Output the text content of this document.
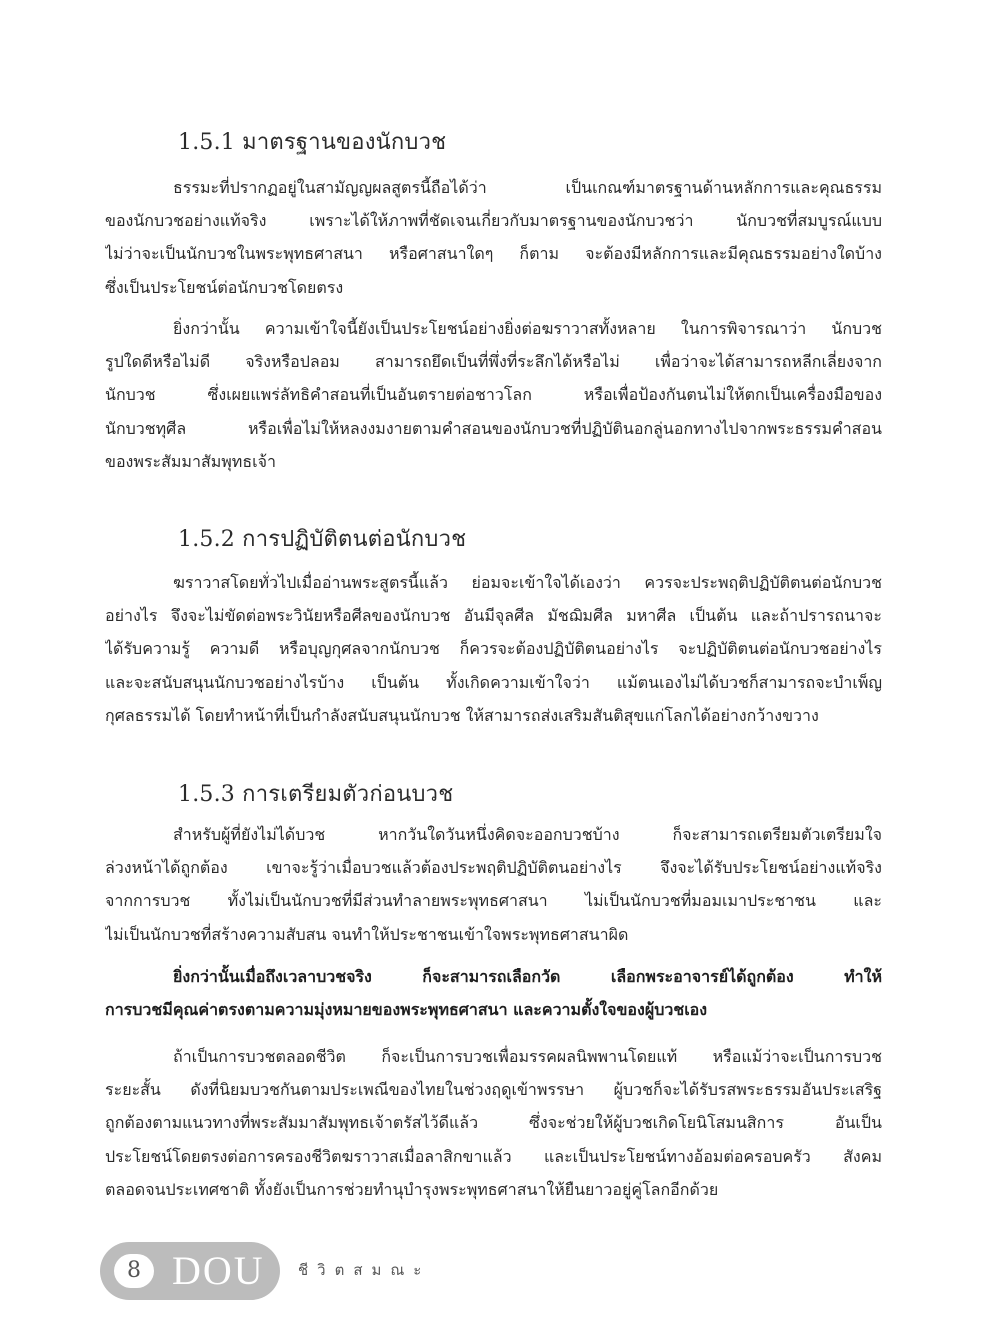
1.5.1 มาตรฐานของนักบวช
ธรรมะที่ปรากฏอยู่ในสามัญญผลสูตรนี้ถือได้ว่า เป็นเกณฑ์มาตรฐานด้านหลักการและคุณธรรม
ของนักบวชอย่างแท้จริง เพราะได้ให้ภาพที่ชัดเจนเกี่ยวกับมาตรฐานของนักบวชว่า นักบวชที่สมบูรณ์แบบ
ไม่ว่าจะเป็นนักบวชในพระพุทธศาสนา หรือศาสนาใดๆ ก็ตาม จะต้องมีหลักการและมีคุณธรรมอย่างใดบ้าง
ซึ่งเป็นประโยชน์ต่อนักบวชโดยตรง
ยิ่งกว่านั้น ความเข้าใจนี้ยังเป็นประโยชน์อย่างยิ่งต่อฆราวาสทั้งหลาย ในการพิจารณาว่า นักบวช
รูปใดดีหรือไม่ดี จริงหรือปลอม สามารถยึดเป็นที่พึ่งที่ระลึกได้หรือไม่ เพื่อว่าจะได้สามารถหลีกเลี่ยงจาก
นักบวช ซึ่งเผยแพร่ลัทธิคำสอนที่เป็นอันตรายต่อชาวโลก หรือเพื่อป้องกันตนไม่ให้ตกเป็นเครื่องมือของ
นักบวชทุศีล หรือเพื่อไม่ให้หลงงมงายตามคำสอนของนักบวชที่ปฏิบัตินอกลู่นอกทางไปจากพระธรรมคำสอน
ของพระสัมมาสัมพุทธเจ้า
1.5.2 การปฏิบัติตนต่อนักบวช
ฆราวาสโดยทั่วไปเมื่ออ่านพระสูตรนี้แล้ว ย่อมจะเข้าใจได้เองว่า ควรจะประพฤติปฏิบัติตนต่อนักบวช
อย่างไร จึงจะไม่ขัดต่อพระวินัยหรือศีลของนักบวช อันมีจุลศีล มัชฌิมศีล มหาศีล เป็นต้น และถ้าปรารถนาจะ
ได้รับความรู้ ความดี หรือบุญกุศลจากนักบวช ก็ควรจะต้องปฏิบัติตนอย่างไร จะปฏิบัติตนต่อนักบวชอย่างไร
และจะสนับสนุนนักบวชอย่างไรบ้าง เป็นต้น ทั้งเกิดความเข้าใจว่า แม้ตนเองไม่ได้บวชก็สามารถจะบำเพ็ญ
กุศลธรรมได้ โดยทำหน้าที่เป็นกำลังสนับสนุนนักบวช ให้สามารถส่งเสริมสันติสุขแก่โลกได้อย่างกว้างขวาง
1.5.3 การเตรียมตัวก่อนบวช
สำหรับผู้ที่ยังไม่ได้บวช หากวันใดวันหนึ่งคิดจะออกบวชบ้าง ก็จะสามารถเตรียมตัวเตรียมใจ
ล่วงหน้าได้ถูกต้อง เขาจะรู้ว่าเมื่อบวชแล้วต้องประพฤติปฏิบัติตนอย่างไร จึงจะได้รับประโยชน์อย่างแท้จริง
จากการบวช ทั้งไม่เป็นนักบวชที่มีส่วนทำลายพระพุทธศาสนา ไม่เป็นนักบวชที่มอมเมาประชาชน และ
ไม่เป็นนักบวชที่สร้างความสับสน จนทำให้ประชาชนเข้าใจพระพุทธศาสนาผิด
ยิ่งกว่านั้นเมื่อถึงเวลาบวชจริง ก็จะสามารถเลือกวัด เลือกพระอาจารย์ได้ถูกต้อง ทำให้
การบวชมีคุณค่าตรงตามความมุ่งหมายของพระพุทธศาสนา และความตั้งใจของผู้บวชเอง
ถ้าเป็นการบวชตลอดชีวิต ก็จะเป็นการบวชเพื่อมรรคผลนิพพานโดยแท้ หรือแม้ว่าจะเป็นการบวช
ระยะสั้น ดังที่นิยมบวชกันตามประเพณีของไทยในช่วงฤดูเข้าพรรษา ผู้บวชก็จะได้รับรสพระธรรมอันประเสริฐ
ถูกต้องตามแนวทางที่พระสัมมาสัมพุทธเจ้าตรัสไว้ดีแล้ว ซึ่งจะช่วยให้ผู้บวชเกิดโยนิโสมนสิการ อันเป็น
ประโยชน์โดยตรงต่อการครองชีวิตฆราวาสเมื่อลาสิกขาแล้ว และเป็นประโยชน์ทางอ้อมต่อครอบครัว สังคม
ตลอดจนประเทศชาติ ทั้งยังเป็นการช่วยทำนุบำรุงพระพุทธศาสนาให้ยืนยาวอยู่คู่โลกอีกด้วย
8 DOU ชีวิตสมณะ
